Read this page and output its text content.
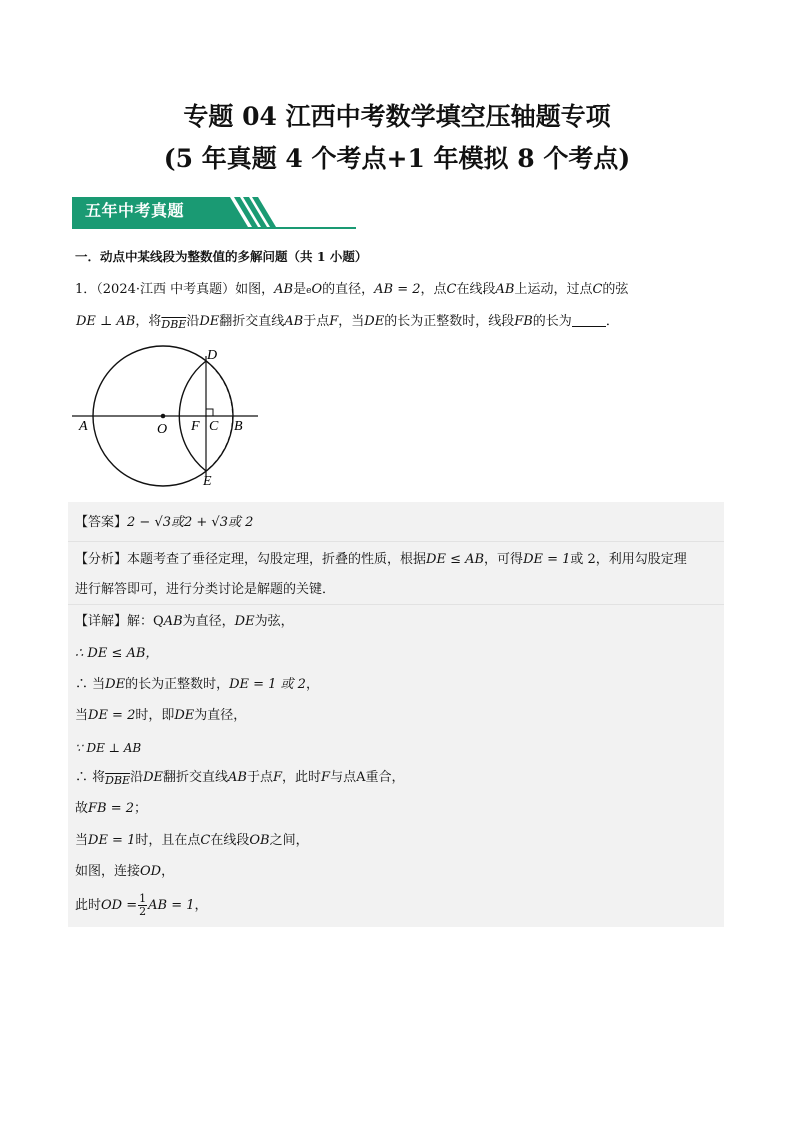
专题 04 江西中考数学填空压轴题专项
(5 年真题 4 个考点+1 年模拟 8 个考点)
五年中考真题
一．动点中某线段为整数值的多解问题（共 1 小题）
1．（2024·江西 中考真题）如图，AB是eO的直径，AB = 2，点C在线段AB上运动，过点C的弦
DE ⊥ AB，将$_{\overline{DBE}}$沿DE翻折交直线AB于点F，当DE的长为正整数时，线段FB的长为	．
D
E
A	O F C B
【答案】2 − √3或2 + √3或 2
【分析】本题考查了垂径定理，勾股定理，折叠的性质，根据DE ≤ AB，可得DE = 1或 2，利用勾股定理
进行解答即可，进行分类讨论是解题的关键．
【详解】解：QAB为直径，DE为弦，
∴ DE ≤ AB，
∴ 当DE的长为正整数时，DE = 1 或 2，
当DE = 2时，即DE为直径，
∵ DE ⊥ AB
∴ 将$_{\overline{DBE}}$沿DE翻折交直线AB于点F，此时F与点A重合，
故FB = 2；
当DE = 1时，且在点C在线段OB之间，
如图，连接OD，
此时OD = $\frac{1}{2}$ AB = 1，
